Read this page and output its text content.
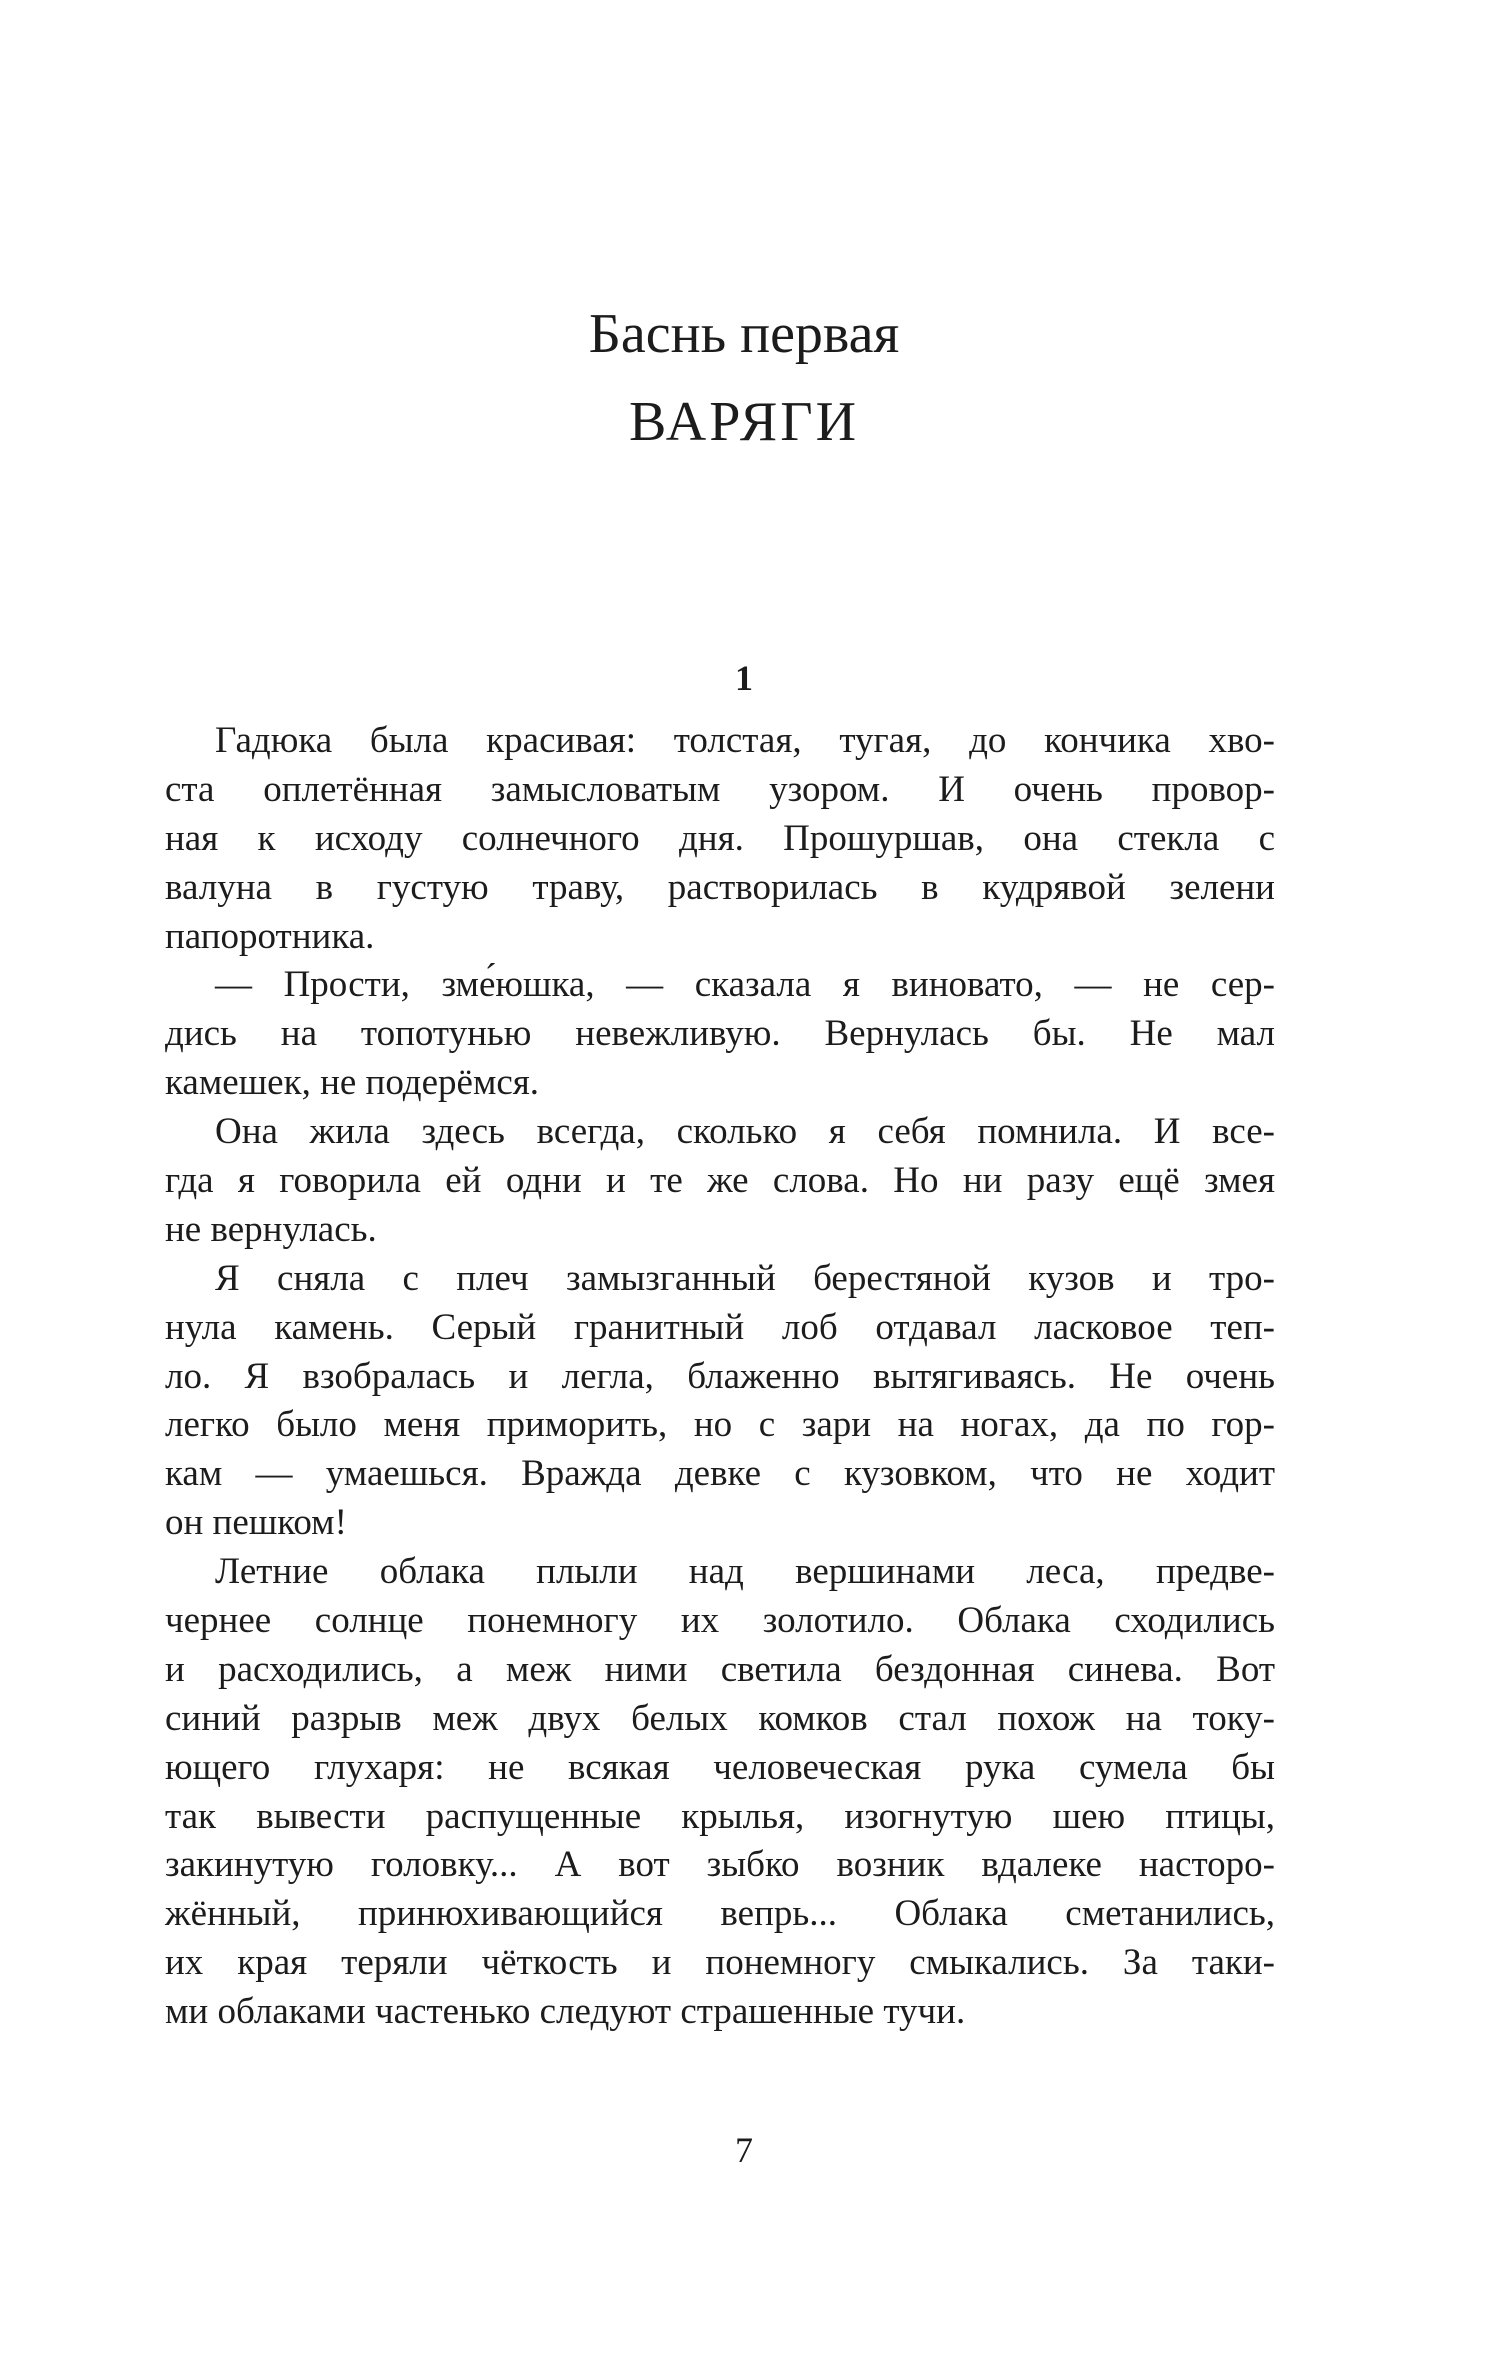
Баснь первая
ВАРЯГИ
1
Гадюка была красивая: толстая, тугая, до кончика хво-
ста оплетённая замысловатым узором. И очень провор-
ная к исходу солнечного дня. Прошуршав, она стекла с
валуна в густую траву, растворилась в кудрявой зелени
папоротника.
— Прости, зме́юшка, — сказала я виновато, — не сер-
дись на топотунью невежливую. Вернулась бы. Не мал
камешек, не подерёмся.
Она жила здесь всегда, сколько я себя помнила. И все-
гда я говорила ей одни и те же слова. Но ни разу ещё змея
не вернулась.
Я сняла с плеч замызганный берестяной кузов и тро-
нула камень. Серый гранитный лоб отдавал ласковое теп-
ло. Я взобралась и легла, блаженно вытягиваясь. Не очень
легко было меня приморить, но с зари на ногах, да по гор-
кам — умаешься. Вражда девке с кузовком, что не ходит
он пешком!
Летние облака плыли над вершинами леса, предве-
чернее солнце понемногу их золотило. Облака сходились
и расходились, а меж ними светила бездонная синева. Вот
синий разрыв меж двух белых комков стал похож на току-
ющего глухаря: не всякая человеческая рука сумела бы
так вывести распущенные крылья, изогнутую шею птицы,
закинутую головку... А вот зыбко возник вдалеке насторо-
жённый, принюхивающийся вепрь... Облака сметанились,
их края теряли чёткость и понемногу смыкались. За таки-
ми облаками частенько следуют страшенные тучи.
7
